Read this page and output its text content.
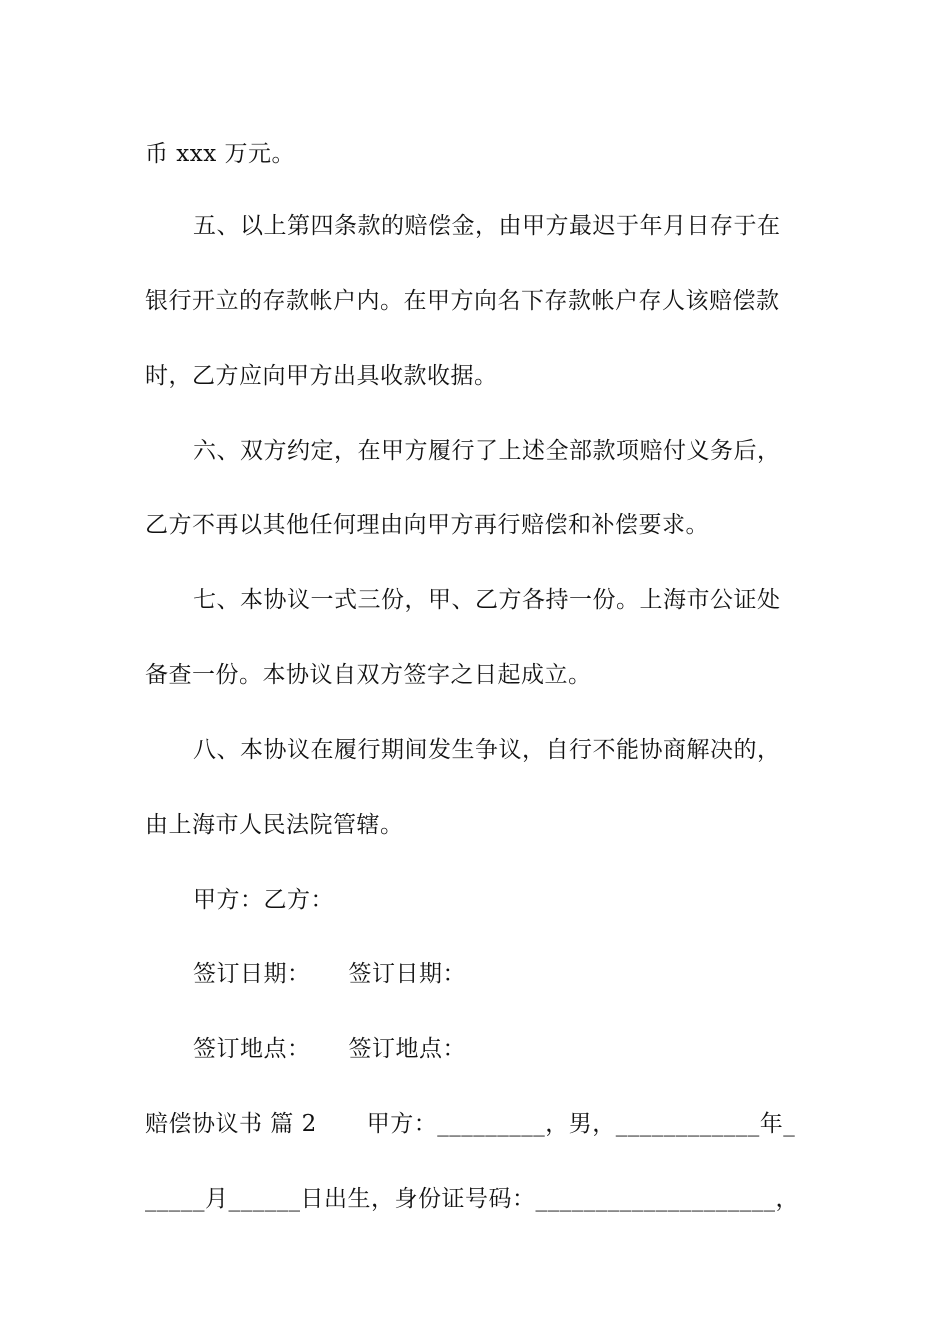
币 xxx 万元。
五、以上第四条款的赔偿金，由甲方最迟于年月日存于在
银行开立的存款帐户内。在甲方向名下存款帐户存人该赔偿款
时，乙方应向甲方出具收款收据。
六、双方约定，在甲方履行了上述全部款项赔付义务后，
乙方不再以其他任何理由向甲方再行赔偿和补偿要求。
七、本协议一式三份，甲、乙方各持一份。上海市公证处
备查一份。本协议自双方签字之日起成立。
八、本协议在履行期间发生争议，自行不能协商解决的，
由上海市人民法院管辖。
甲方：乙方：
签订日期： 签订日期：
签订地点： 签订地点：
赔偿协议书 篇 2 甲方：_________，男，____________年_
_____月______日出生，身份证号码：____________________，
